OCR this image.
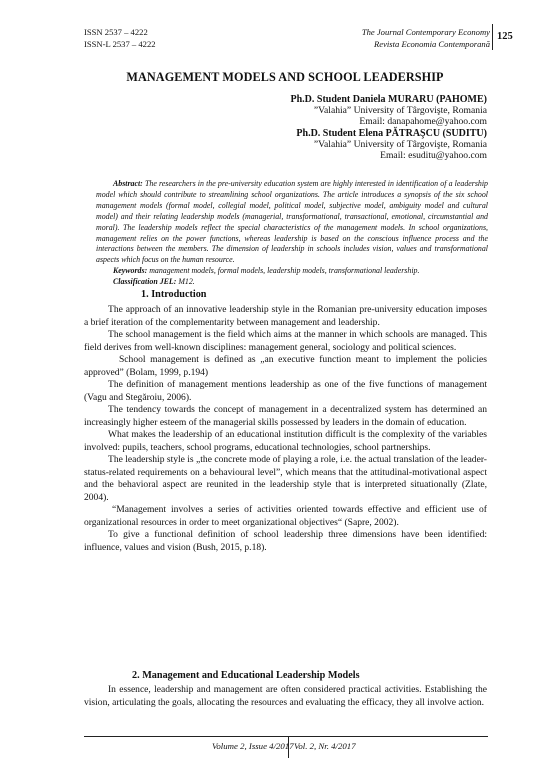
ISSN 2537 – 4222
ISSN-L 2537 – 4222
The Journal Contemporary Economy
Revista Economia Contemporană
125
MANAGEMENT MODELS AND SCHOOL LEADERSHIP
Ph.D. Student Daniela MURARU (PAHOME)
”Valahia” University of Târgovişte, Romania
Email: danapahome@yahoo.com
Ph.D. Student Elena PĂTRAŞCU (SUDITU)
”Valahia” University of Târgovişte, Romania
Email: esuditu@yahoo.com

Abstract: The researchers in the pre-university education system are highly interested in identification of a leadership model which should contribute to streamlining school organizations. The article introduces a synopsis of the six school management models (formal model, collegial model, political model, subjective model, ambiguity model and cultural model) and their relating leadership models (managerial, transformational, transactional, emotional, circumstantial and moral). The leadership models reflect the special characteristics of the management models. In school organizations, management relies on the power functions, whereas leadership is based on the conscious influence process and the interactions between the members. The dimension of leadership in schools includes vision, values and transformational aspects which focus on the human resource.

Keywords: management models, formal models, leadership models, transformational leadership.

Classification JEL: M12.

1. Introduction

The approach of an innovative leadership style in the Romanian pre-university education imposes a brief iteration of the complementarity between management and leadership.

The school management is the field which aims at the manner in which schools are managed. This field derives from well-known disciplines: management general, sociology and political sciences.

School management is defined as „an executive function meant to implement the policies approved” (Bolam, 1999, p.194)

The definition of management mentions leadership as one of the five functions of management (Vagu and Stegăroiu, 2006).

The tendency towards the concept of management in a decentralized system has determined an increasingly higher esteem of the managerial skills possessed by leaders in the domain of education.

What makes the leadership of an educational institution difficult is the complexity of the variables involved: pupils, teachers, school programs, educational technologies, school partnerships.

The leadership style is „the concrete mode of playing a role, i.e. the actual translation of the leader-status-related requirements on a behavioural level”, which means that the attitudinal-motivational aspect and the behavioral aspect are reunited in the leadership style that is interpreted situationally (Zlate, 2004).

“Management involves a series of activities oriented towards effective and efficient use of organizational resources in order to meet organizational objectives“ (Sapre, 2002).

To give a functional definition of school leadership three dimensions have been identified: influence, values and vision (Bush, 2015, p.18).

2. Management and Educational Leadership Models

In essence, leadership and management are often considered practical activities. Establishing the vision, articulating the goals, allocating the resources and evaluating the efficacy, they all involve action.

Volume 2, Issue 4/2017 Vol. 2, Nr. 4/2017
